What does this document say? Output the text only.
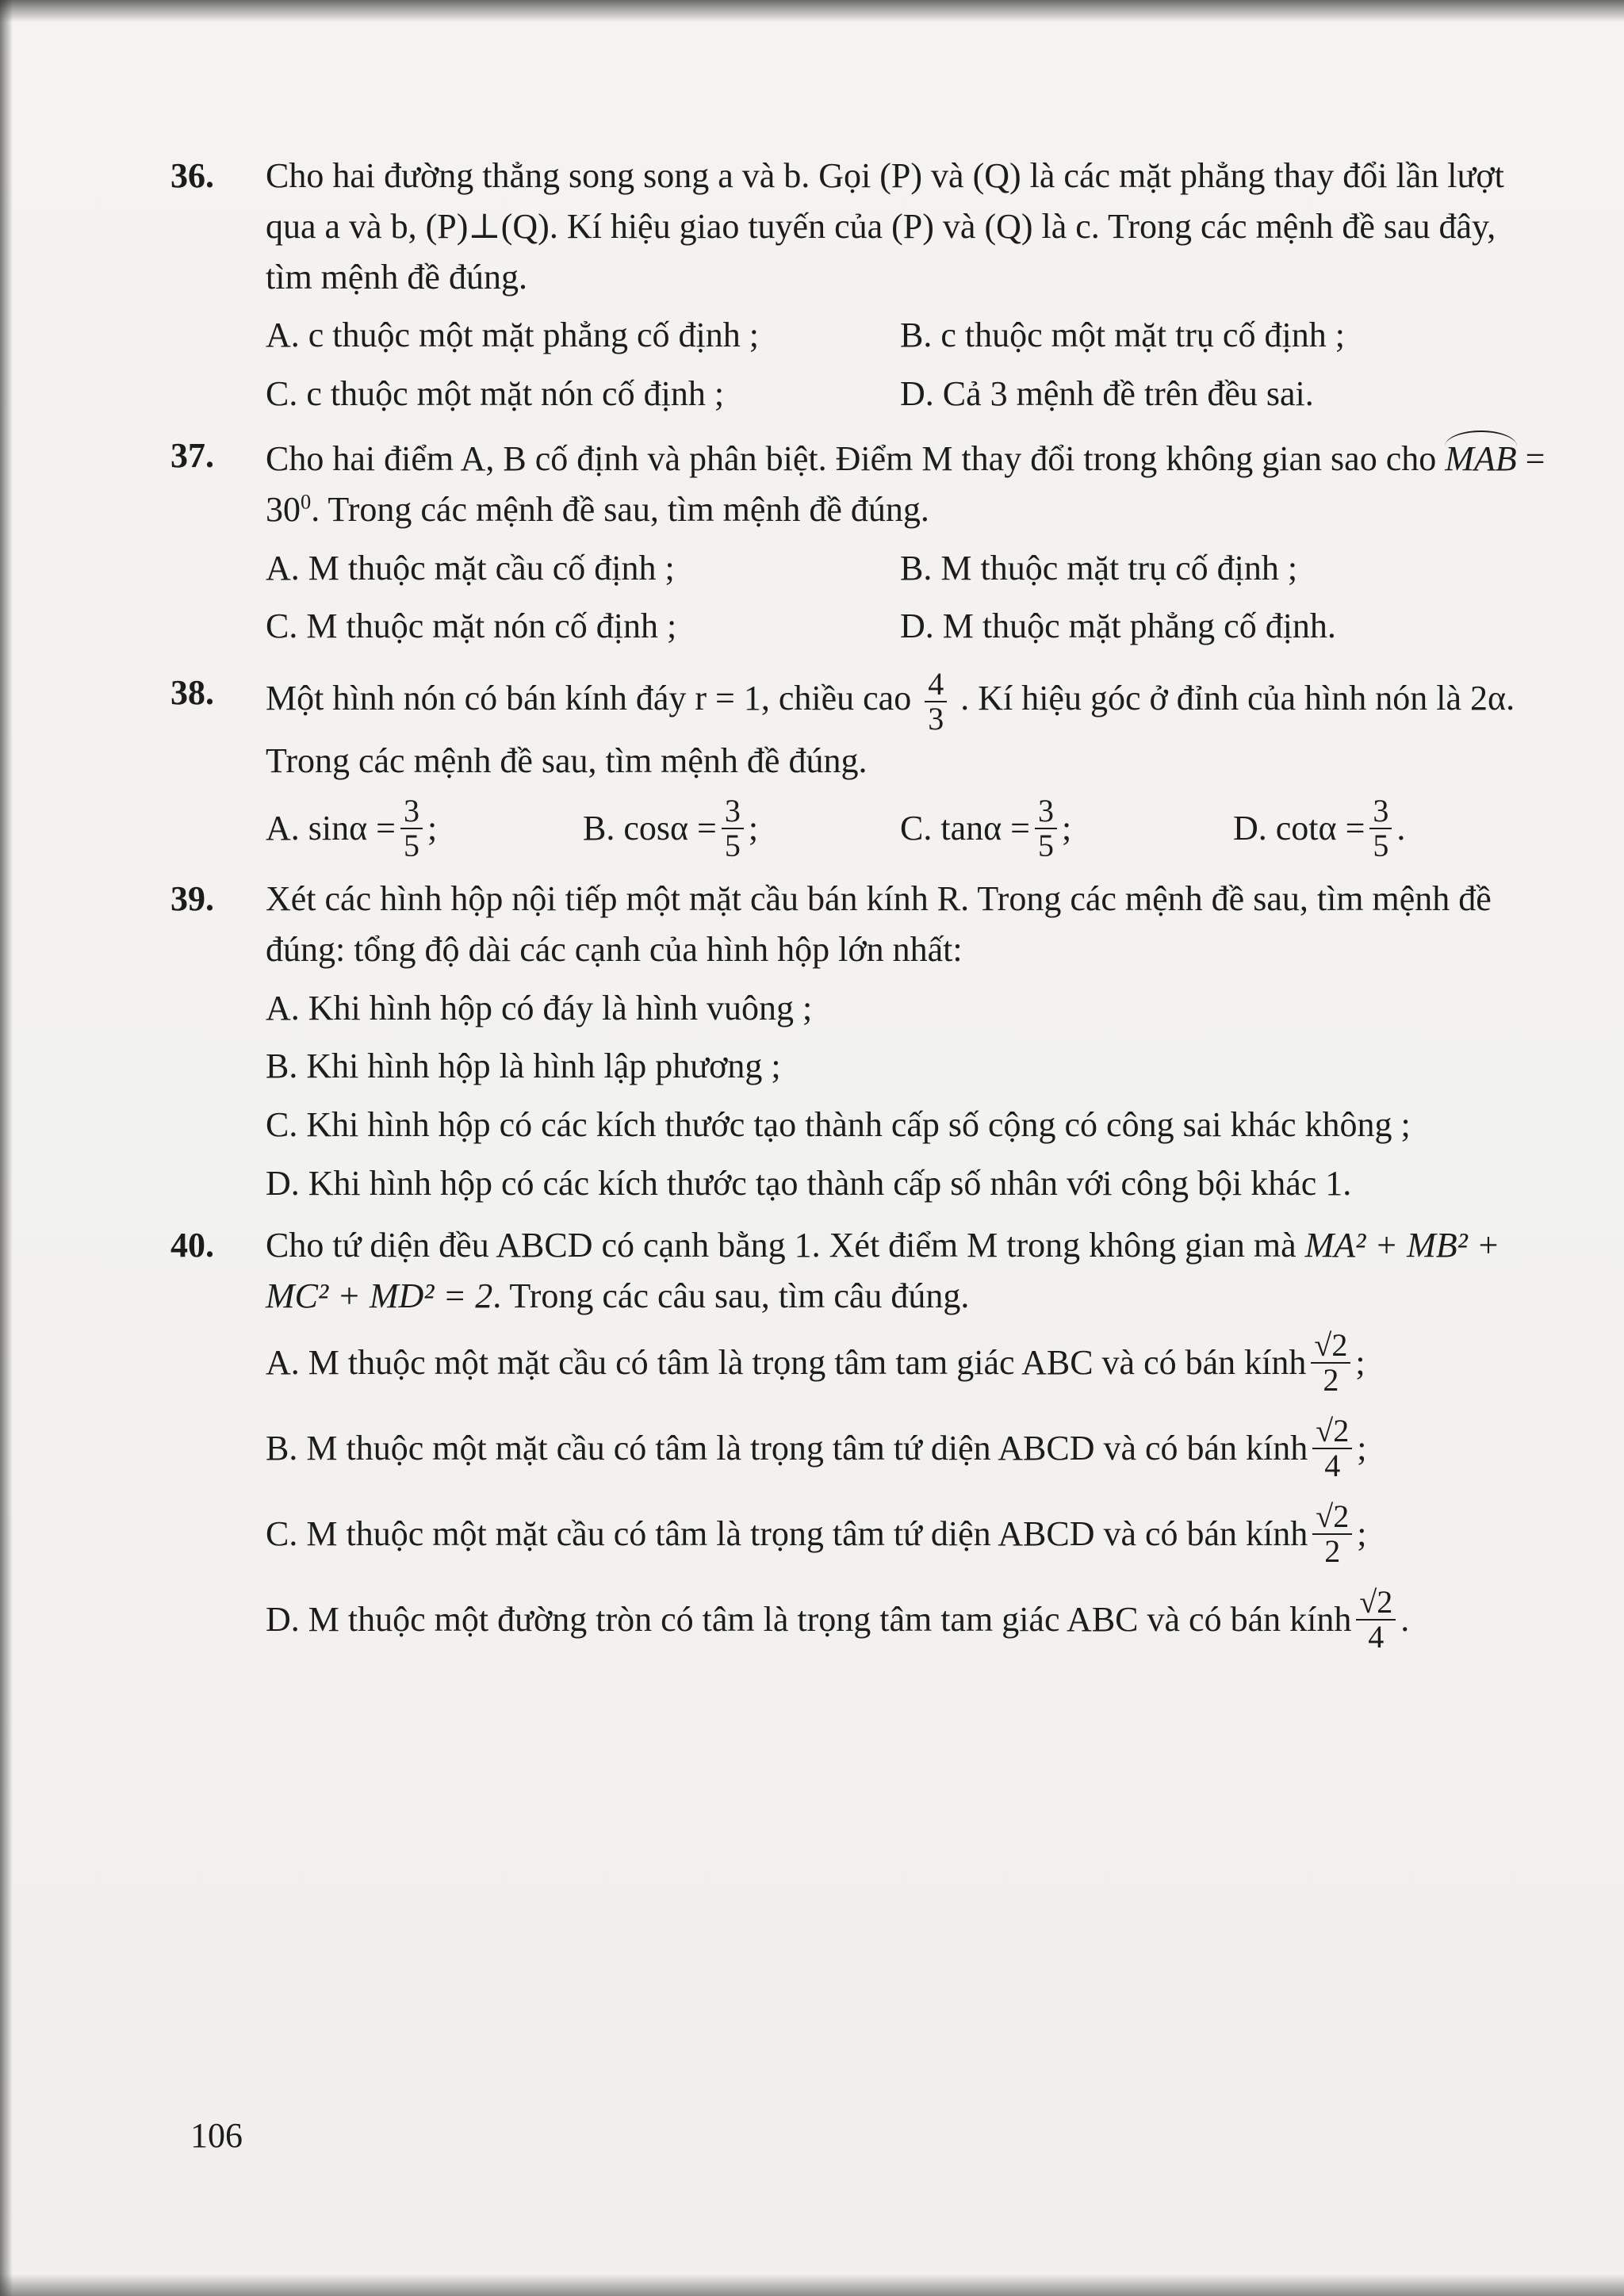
36. Cho hai đường thẳng song song a và b. Gọi (P) và (Q) là các mặt phẳng thay đổi lần lượt qua a và b, (P)⊥(Q). Kí hiệu giao tuyến của (P) và (Q) là c. Trong các mệnh đề sau đây, tìm mệnh đề đúng.
A. c thuộc một mặt phẳng cố định ;	B. c thuộc một mặt trụ cố định ;
C. c thuộc một mặt nón cố định ;	D. Cả 3 mệnh đề trên đều sai.
37. Cho hai điểm A, B cố định và phân biệt. Điểm M thay đổi trong không gian sao cho MAB = $30^0$. Trong các mệnh đề sau, tìm mệnh đề đúng.
A. M thuộc mặt cầu cố định ;	B. M thuộc mặt trụ cố định ;
C. M thuộc mặt nón cố định ;	D. M thuộc mặt phẳng cố định.
38. Một hình nón có bán kính đáy r = 1, chiều cao $\frac{4}{3}$ . Kí hiệu góc ở đỉnh của hình nón là 2α. Trong các mệnh đề sau, tìm mệnh đề đúng.
A. $\sin\alpha = \frac{3}{5}$ ;	B. $\cos\alpha = \frac{3}{5}$ ;	C. $\tan\alpha = \frac{3}{5}$ ;	D. $\cot\alpha = \frac{3}{5}$ .
39. Xét các hình hộp nội tiếp một mặt cầu bán kính R. Trong các mệnh đề sau, tìm mệnh đề đúng: tổng độ dài các cạnh của hình hộp lớn nhất:
A. Khi hình hộp có đáy là hình vuông ;
B. Khi hình hộp là hình lập phương ;
C. Khi hình hộp có các kích thước tạo thành cấp số cộng có công sai khác không ;
D. Khi hình hộp có các kích thước tạo thành cấp số nhân với công bội khác 1.
40. Cho tứ diện đều ABCD có cạnh bằng 1. Xét điểm M trong không gian mà MA² + MB² + MC² + MD² = 2. Trong các câu sau, tìm câu đúng.
A. M thuộc một mặt cầu có tâm là trọng tâm tam giác ABC và có bán kính $\frac{√2}{2}$ ;
B. M thuộc một mặt cầu có tâm là trọng tâm tứ diện ABCD và có bán kính $\frac{√2}{4}$ ;
C. M thuộc một mặt cầu có tâm là trọng tâm tứ diện ABCD và có bán kính $\frac{√2}{2}$ ;
D. M thuộc một đường tròn có tâm là trọng tâm tam giác ABC và có bán kính $\frac{√2}{4}$ .
106
